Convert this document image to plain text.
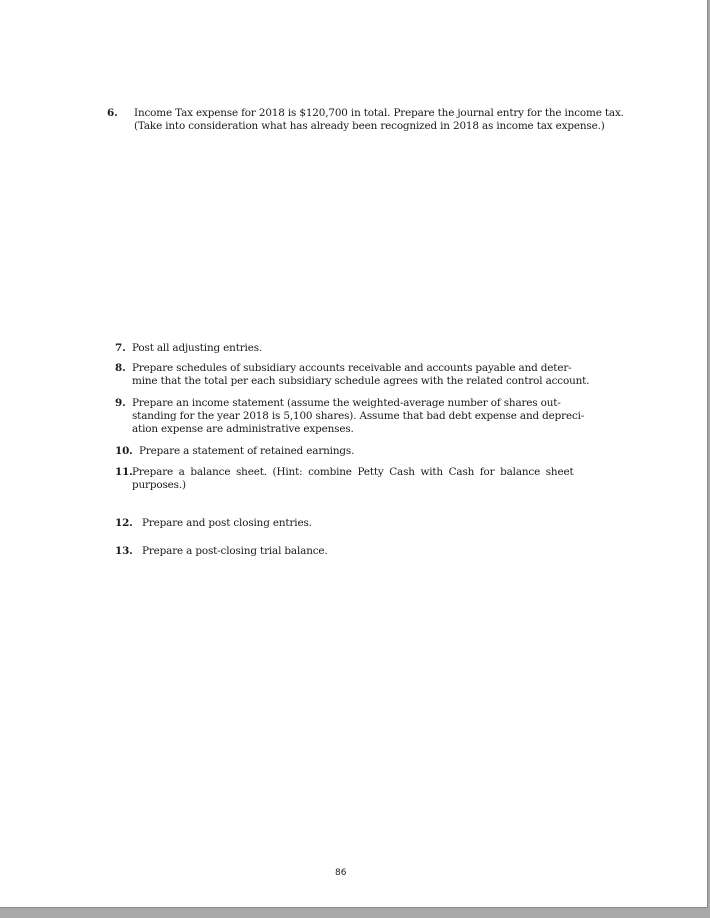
6. Income Tax expense for 2018 is $120,700 in total. Prepare the journal entry for the income tax.
(Take into consideration what has already been recognized in 2018 as income tax expense.)
7. Post all adjusting entries.
8. Prepare schedules of subsidiary accounts receivable and accounts payable and deter-
mine that the total per each subsidiary schedule agrees with the related control account.
9. Prepare an income statement (assume the weighted-average number of shares out-
standing for the year 2018 is 5,100 shares). Assume that bad debt expense and depreci-
ation expense are administrative expenses.
10. Prepare a statement of retained earnings.
11. Prepare a balance sheet. (Hint: combine Petty Cash with Cash for balance sheet
purposes.)
12. Prepare and post closing entries.
13. Prepare a post-closing trial balance.
86
